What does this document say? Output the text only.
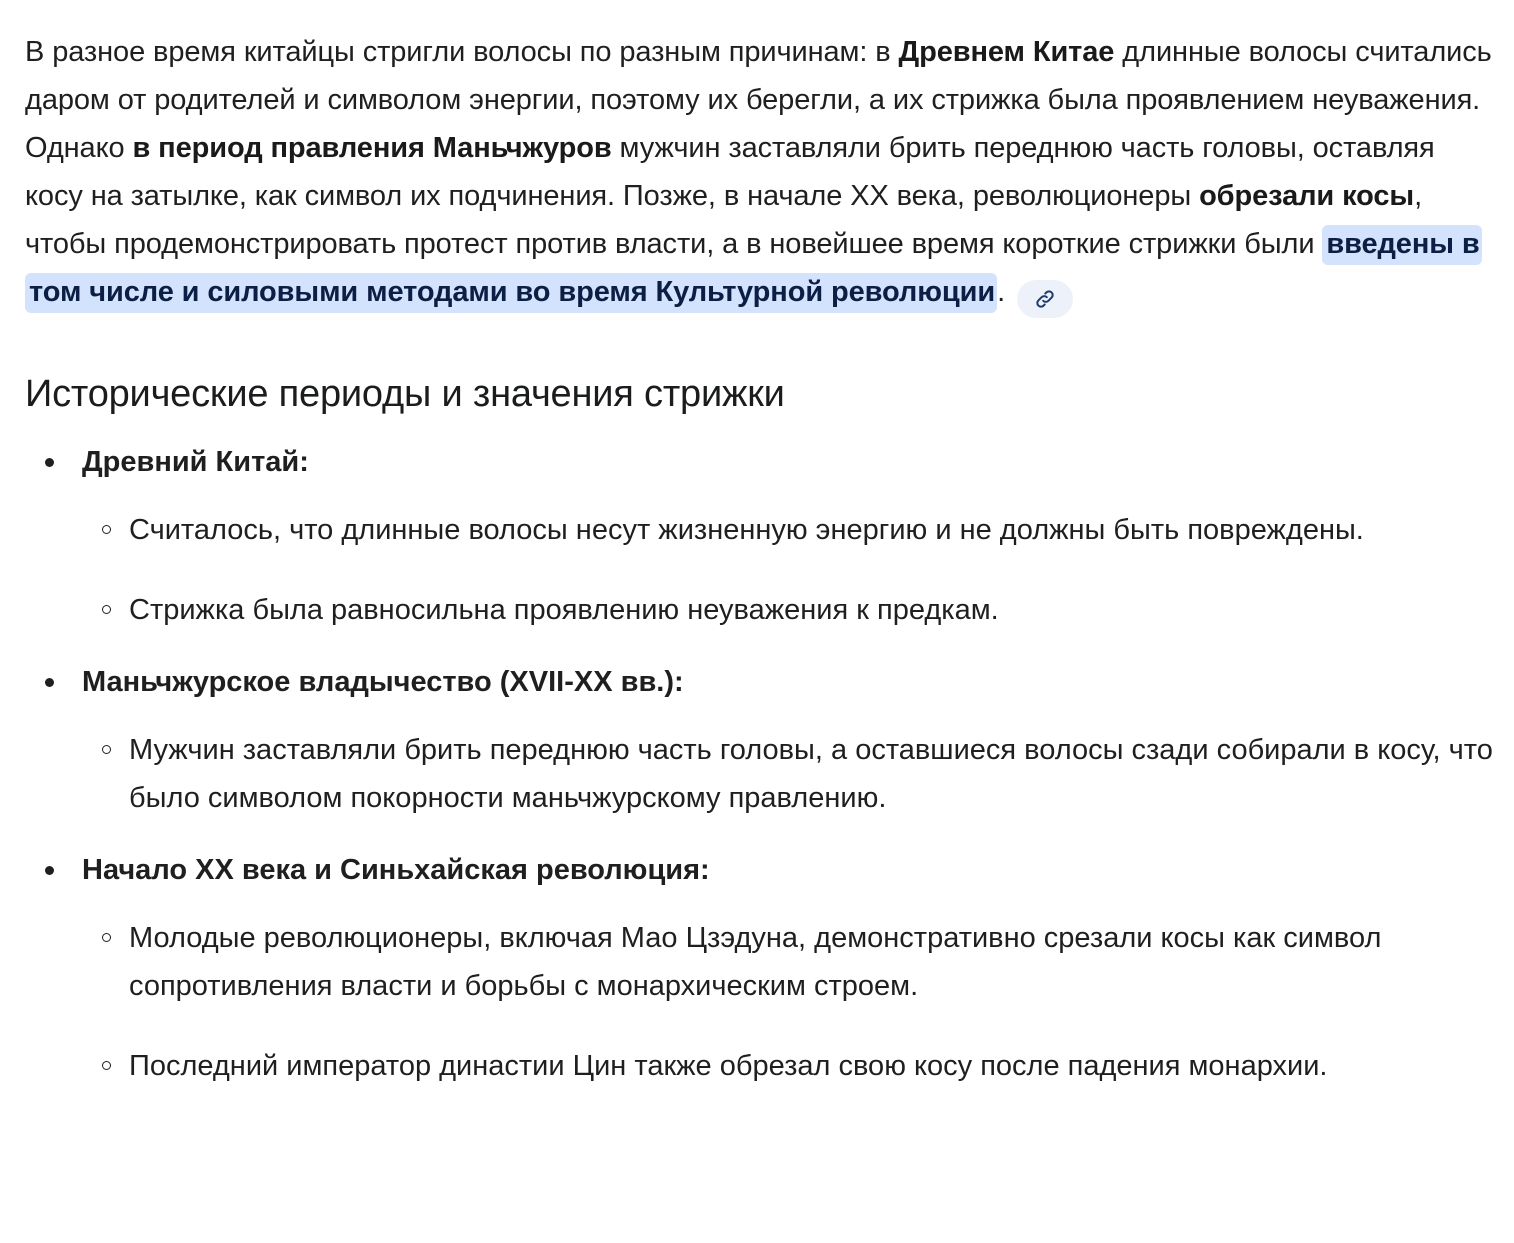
В разное время китайцы стригли волосы по разным причинам: в Древнем Китае длинные волосы считались даром от родителей и символом энергии, поэтому их берегли, а их стрижка была проявлением неуважения. Однако в период правления Маньчжуров мужчин заставляли брить переднюю часть головы, оставляя косу на затылке, как символ их подчинения. Позже, в начале XX века, революционеры обрезали косы, чтобы продемонстрировать протест против власти, а в новейшее время короткие стрижки были введены в том числе и силовыми методами во время Культурной революции.

Исторические периоды и значения стрижки
Древний Китай:
Считалось, что длинные волосы несут жизненную энергию и не должны быть повреждены.
Стрижка была равносильна проявлению неуважения к предкам.
Маньчжурское владычество (XVII-XX вв.):
Мужчин заставляли брить переднюю часть головы, а оставшиеся волосы сзади собирали в косу, что было символом покорности маньчжурскому правлению.
Начало XX века и Синьхайская революция:
Молодые революционеры, включая Мао Цзэдуна, демонстративно срезали косы как символ сопротивления власти и борьбы с монархическим строем.
Последний император династии Цин также обрезал свою косу после падения монархии.
